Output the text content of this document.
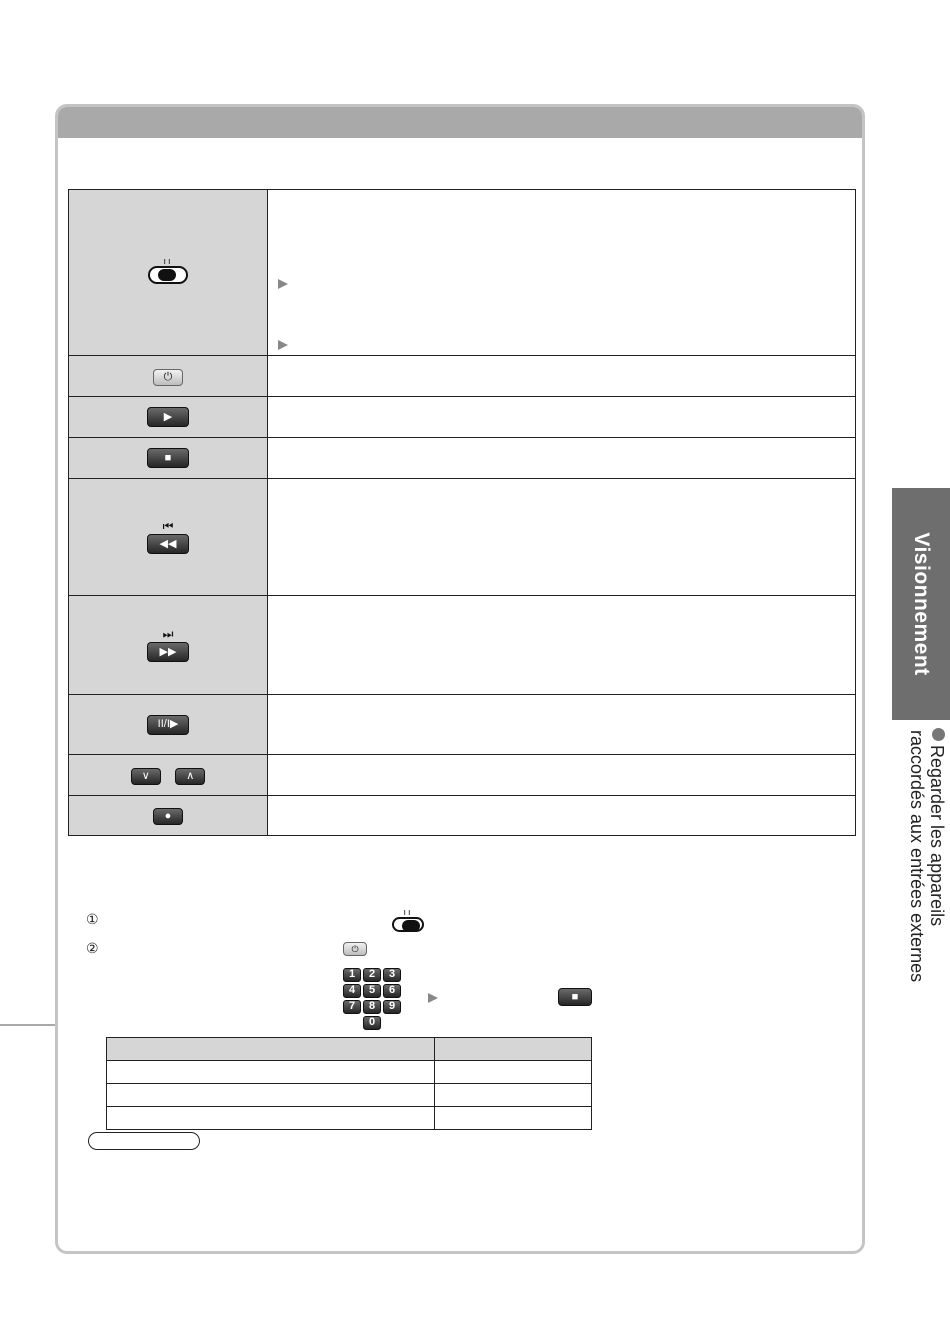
ıı	

⏻	

▶	

■	

⏮
◀◀	

⏭
▶▶	

II/I▶	

∨
∧	

●	

①
②
ıı
⏻
1 2 3
4 5 6
7 8 9
0
■

Visionnement
Regarder les appareils
raccordés aux entrées externes
